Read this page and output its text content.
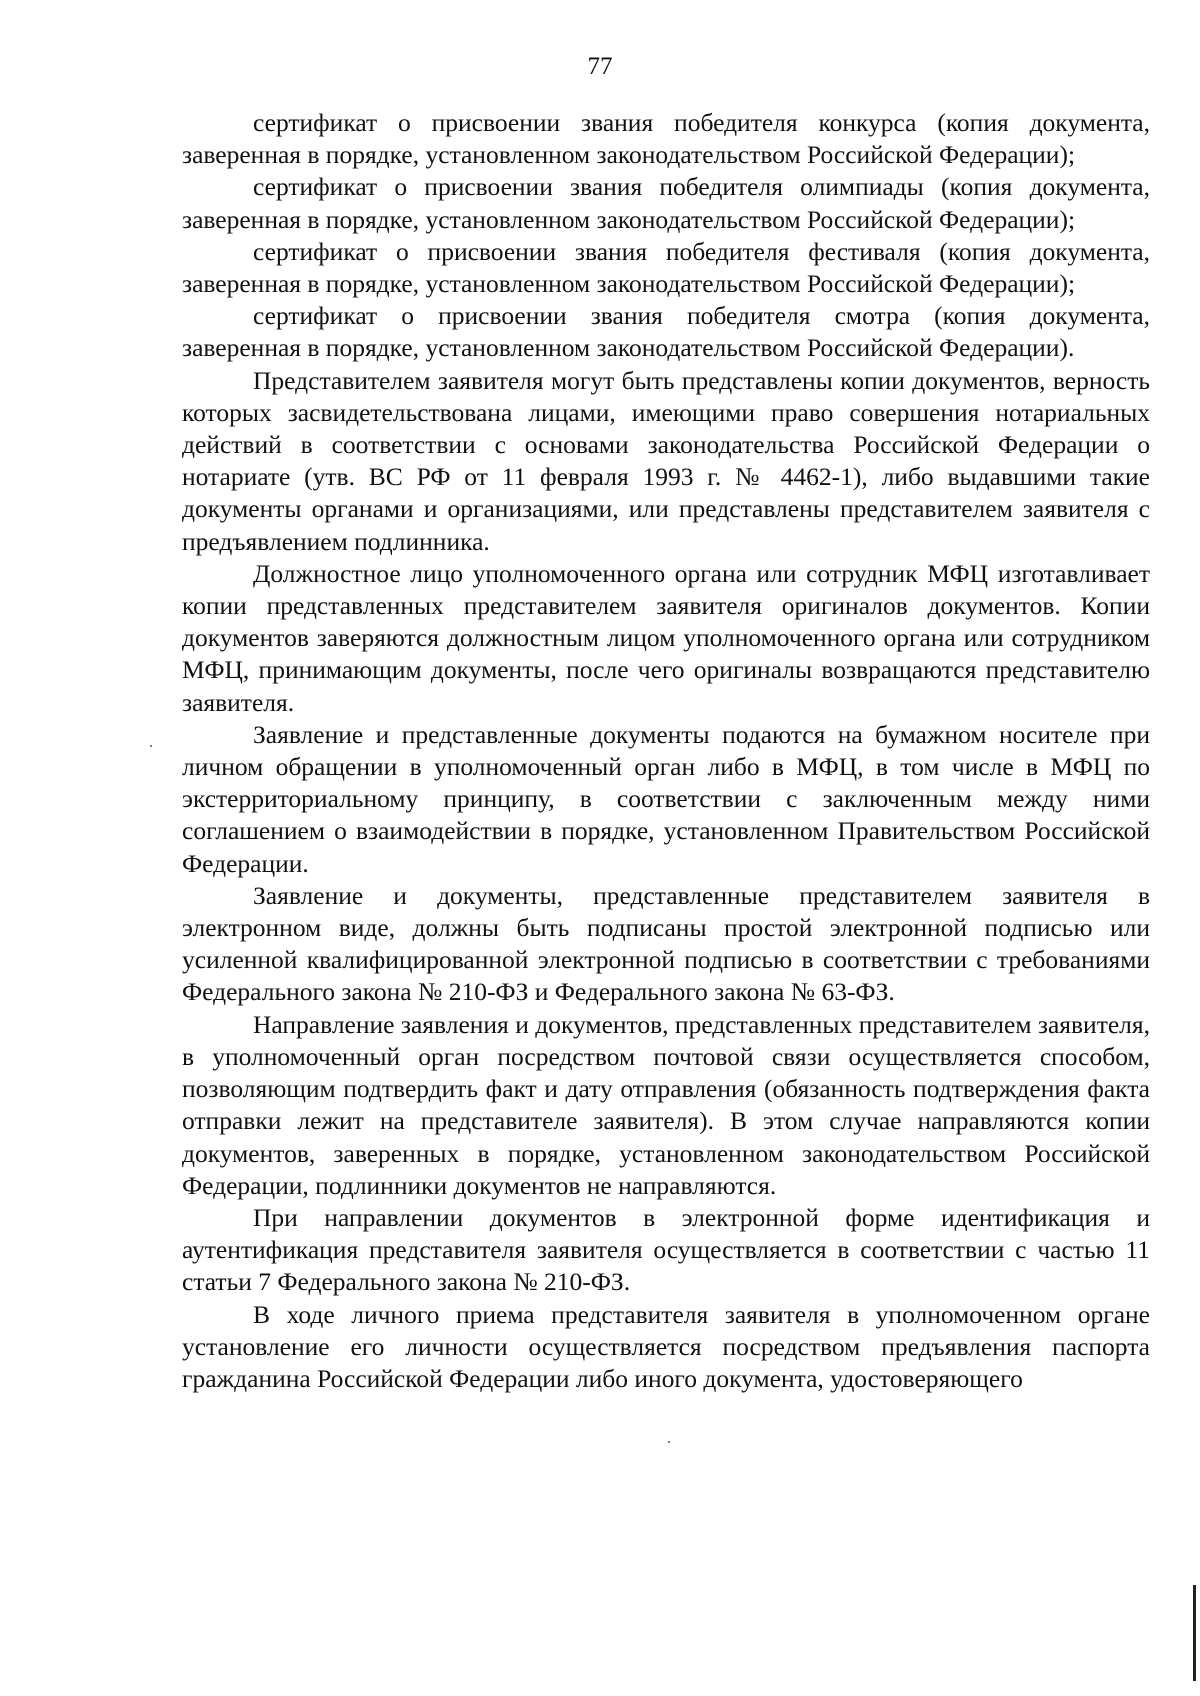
77

сертификат о присвоении звания победителя конкурса (копия документа, заверенная в порядке, установленном законодательством Российской Федерации);

сертификат о присвоении звания победителя олимпиады (копия документа, заверенная в порядке, установленном законодательством Российской Федерации);

сертификат о присвоении звания победителя фестиваля (копия документа, заверенная в порядке, установленном законодательством Российской Федерации);

сертификат о присвоении звания победителя смотра (копия документа, заверенная в порядке, установленном законодательством Российской Федерации).

Представителем заявителя могут быть представлены копии документов, верность которых засвидетельствована лицами, имеющими право совершения нотариальных действий в соответствии с основами законодательства Российской Федерации о нотариате (утв. ВС РФ от 11 февраля 1993 г. № 4462-1), либо выдавшими такие документы органами и организациями, или представлены представителем заявителя с предъявлением подлинника.

Должностное лицо уполномоченного органа или сотрудник МФЦ изготавливает копии представленных представителем заявителя оригиналов документов. Копии документов заверяются должностным лицом уполномоченного органа или сотрудником МФЦ, принимающим документы, после чего оригиналы возвращаются представителю заявителя.

Заявление и представленные документы подаются на бумажном носителе при личном обращении в уполномоченный орган либо в МФЦ, в том числе в МФЦ по экстерриториальному принципу, в соответствии с заключенным между ними соглашением о взаимодействии в порядке, установленном Правительством Российской Федерации.

Заявление и документы, представленные представителем заявителя в электронном виде, должны быть подписаны простой электронной подписью или усиленной квалифицированной электронной подписью в соответствии с требованиями Федерального закона № 210-ФЗ и Федерального закона № 63-ФЗ.

Направление заявления и документов, представленных представителем заявителя, в уполномоченный орган посредством почтовой связи осуществляется способом, позволяющим подтвердить факт и дату отправления (обязанность подтверждения факта отправки лежит на представителе заявителя). В этом случае направляются копии документов, заверенных в порядке, установленном законодательством Российской Федерации, подлинники документов не направляются.

При направлении документов в электронной форме идентификация и аутентификация представителя заявителя осуществляется в соответствии с частью 11 статьи 7 Федерального закона № 210-ФЗ.

В ходе личного приема представителя заявителя в уполномоченном органе установление его личности осуществляется посредством предъявления паспорта гражданина Российской Федерации либо иного документа, удостоверяющего
